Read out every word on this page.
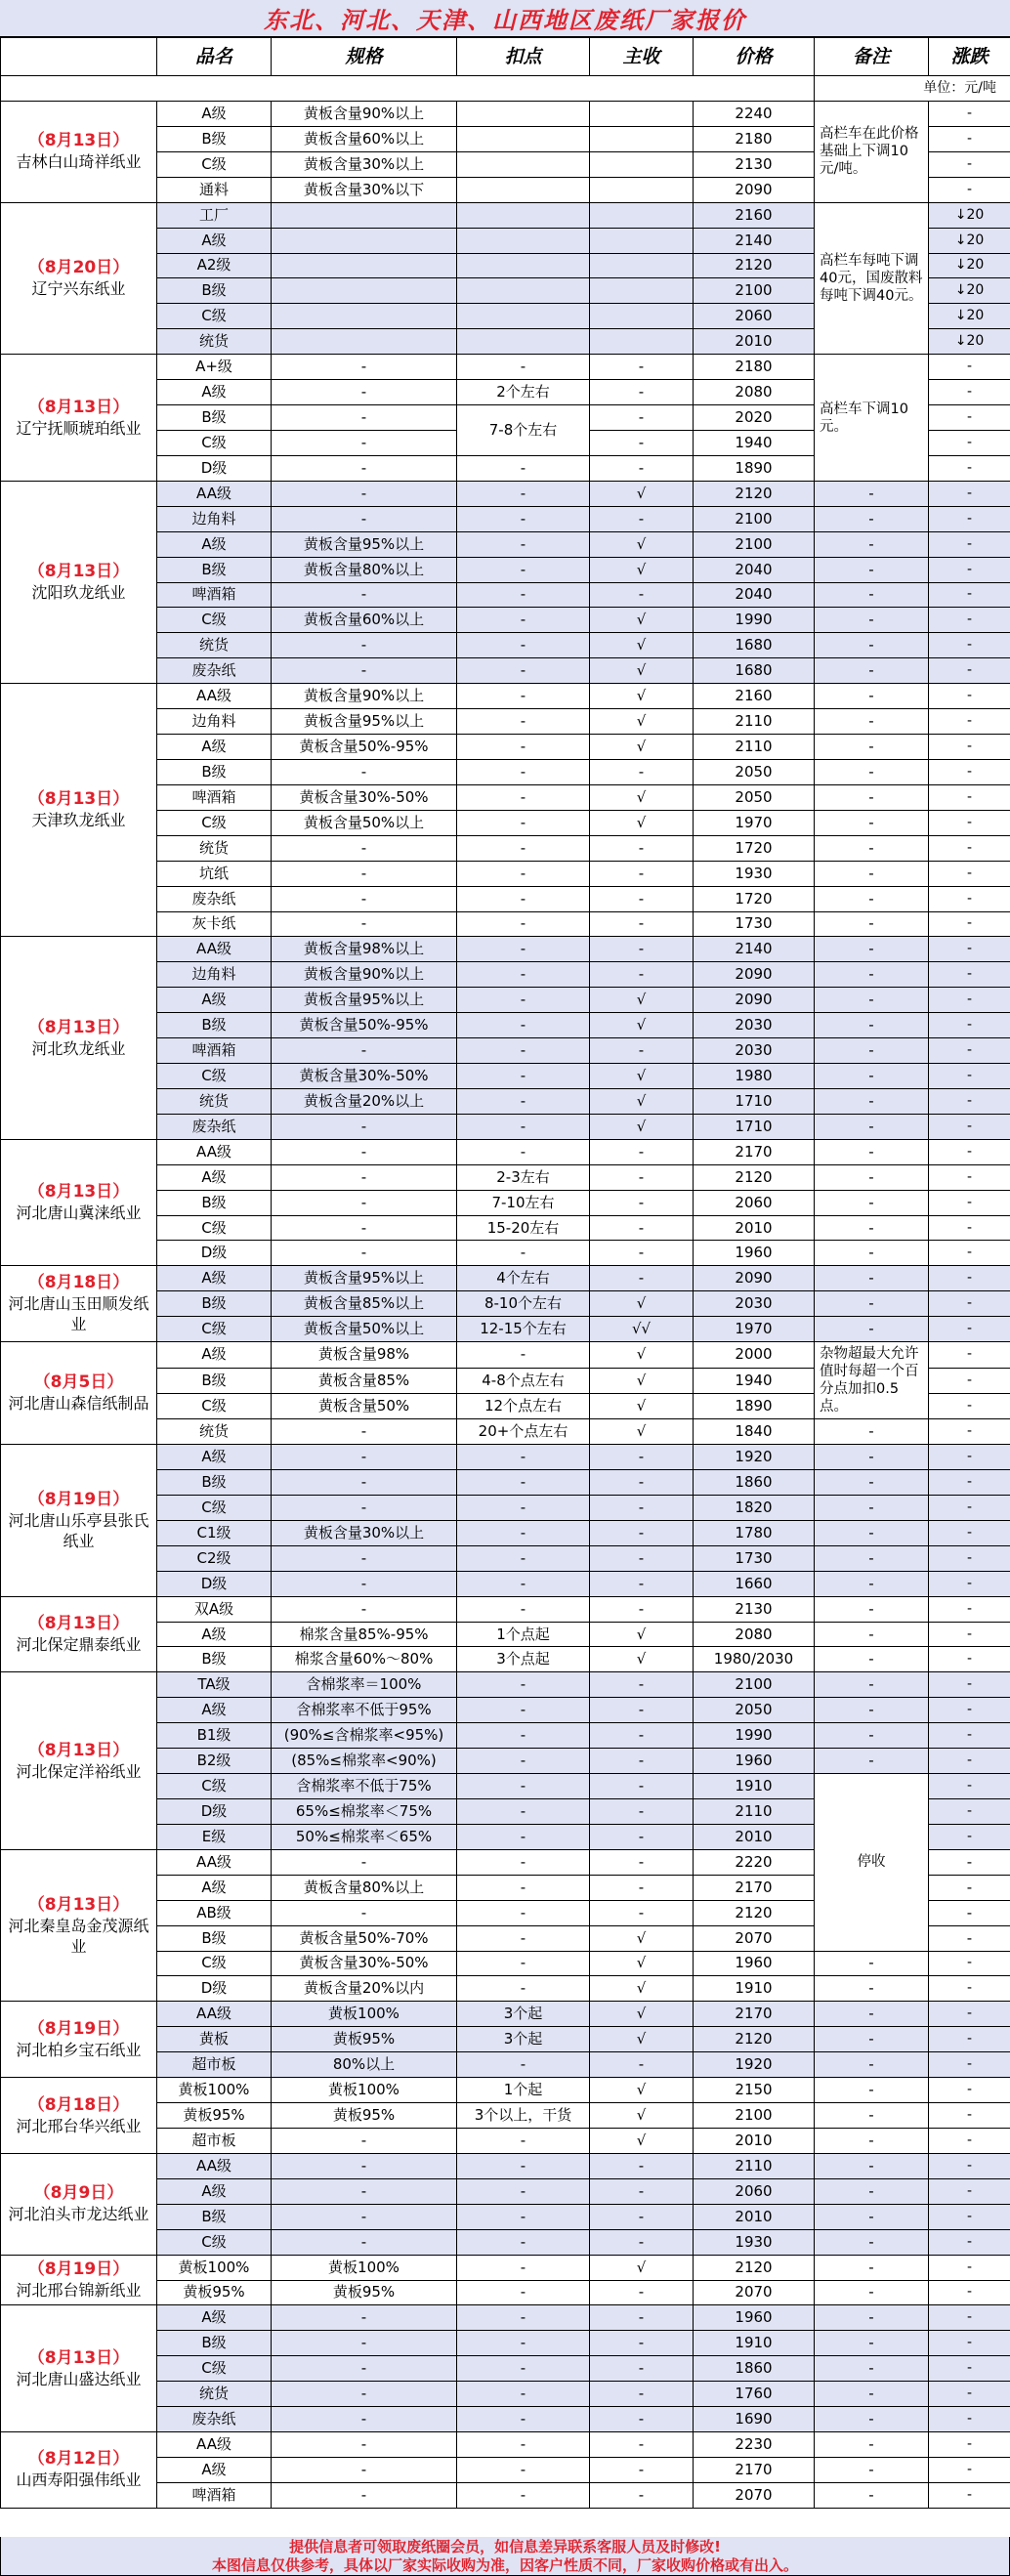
东北、河北、天津、山西地区废纸厂家报价
	品名	规格	扣点	主收	价格	备注	涨跌	
						单位：元/吨		

（8月13日）
吉林白山琦祥纸业	A级	黄板含量90%以上			2240	高栏车在此价格基础上下调10元/吨。	-	
	B级	黄板含量60%以上			2180		-	
	C级	黄板含量30%以上			2130		-	
	通料	黄板含量30%以下			2090		-	

（8月20日）
辽宁兴东纸业	工厂				2160	高栏车每吨下调40元，国废散料每吨下调40元。	↓20	
	A级				2140		↓20	
	A2级				2120		↓20	
	B级				2100		↓20	
	C级				2060		↓20	
	统货				2010		↓20	

（8月13日）
辽宁抚顺琥珀纸业	A+级	-	-	-	2180	高栏车下调10元。	-	
	A级	-	2个左右	-	2080		-	
	B级	-	7-8个左右	-	2020		-	
	C级	-		-	1940		-	
	D级	-	-	-	1890		-	

（8月13日）
沈阳玖龙纸业	AA级	-	-	√	2120	-	-	
	边角料	-	-	-	2100	-	-	
	A级	黄板含量95%以上	-	√	2100	-	-	
	B级	黄板含量80%以上	-	√	2040	-	-	
	啤酒箱	-	-	-	2040	-	-	
	C级	黄板含量60%以上	-	√	1990	-	-	
	统货	-	-	√	1680	-	-	
	废杂纸	-	-	√	1680	-	-	

（8月13日）
天津玖龙纸业	AA级	黄板含量90%以上	-	√	2160	-	-	
	边角料	黄板含量95%以上	-	√	2110	-	-	
	A级	黄板含量50%-95%	-	√	2110	-	-	
	B级	-	-	-	2050	-	-	
	啤酒箱	黄板含量30%-50%	-	√	2050	-	-	
	C级	黄板含量50%以上	-	√	1970	-	-	
	统货	-	-	-	1720	-	-	
	坑纸	-	-	-	1930	-	-	
	废杂纸	-	-	-	1720	-	-	
	灰卡纸	-	-	-	1730	-	-	

（8月13日）
河北玖龙纸业	AA级	黄板含量98%以上	-	-	2140	-	-	
	边角料	黄板含量90%以上	-	-	2090	-	-	
	A级	黄板含量95%以上	-	√	2090	-	-	
	B级	黄板含量50%-95%	-	√	2030	-	-	
	啤酒箱	-	-	-	2030	-	-	
	C级	黄板含量30%-50%	-	√	1980	-	-	
	统货	黄板含量20%以上	-	√	1710	-	-	
	废杂纸	-	-	√	1710	-	-	

（8月13日）
河北唐山冀涞纸业	AA级	-	-	-	2170	-	-	
	A级	-	2-3左右	-	2120	-	-	
	B级	-	7-10左右	-	2060	-	-	
	C级	-	15-20左右	-	2010	-	-	
	D级	-	-	-	1960	-	-	

（8月18日）
河北唐山玉田顺发纸业	A级	黄板含量95%以上	4个左右	-	2090	-	-	
	B级	黄板含量85%以上	8-10个左右	√	2030	-	-	
	C级	黄板含量50%以上	12-15个左右	√√	1970	-	-	

（8月5日）
河北唐山森信纸制品	A级	黄板含量98%	-	√	2000	杂物超最大允许值时每超一个百分点加扣0.5点。	-	
	B级	黄板含量85%	4-8个点左右	√	1940		-	
	C级	黄板含量50%	12个点左右	√	1890		-	
	统货	-	20+个点左右	√	1840	-	-	

（8月19日）
河北唐山乐亭县张氏纸业	A级	-	-	-	1920	-	-	
	B级	-	-	-	1860	-	-	
	C级	-	-	-	1820	-	-	
	C1级	黄板含量30%以上	-	-	1780	-	-	
	C2级	-	-	-	1730	-	-	
	D级	-	-	-	1660	-	-	

（8月13日）
河北保定鼎泰纸业	双A级	-	-	-	2130	-	-	
	A级	棉浆含量85%-95%	1个点起	√	2080	-	-	
	B级	棉浆含量60%～80%	3个点起	√	1980/2030	-	-	

（8月13日）
河北保定洋裕纸业	TA级	含棉浆率＝100%	-	-	2100	-	-	
	A级	含棉浆率不低于95%	-	-	2050	-	-	
	B1级	(90%≤含棉浆率<95%)	-	-	1990	-	-	
	B2级	(85%≤棉浆率<90%)	-	-	1960	-	-	
	C级	含棉浆率不低于75%	-	-	1910	停收	-	
	D级	65%≤棉浆率＜75%	-	-	2110		-	
	E级	50%≤棉浆率＜65%	-	-	2010		-	

（8月13日）
河北秦皇岛金茂源纸业	AA级	-	-	-	2220		-	
	A级	黄板含量80%以上	-	-	2170		-	
	AB级	-	-	-	2120		-	
	B级	黄板含量50%-70%	-	√	2070		-	
	C级	黄板含量30%-50%	-	√	1960	-	-	
	D级	黄板含量20%以内	-	√	1910	-	-	

（8月19日）
河北柏乡宝石纸业	AA级	黄板100%	3个起	√	2170	-	-	
	黄板	黄板95%	3个起	√	2120	-	-	
	超市板	80%以上	-	-	1920	-	-	

（8月18日）
河北邢台华兴纸业	黄板100%	黄板100%	1个起	√	2150	-	-	
	黄板95%	黄板95%	3个以上，干货	√	2100	-	-	
	超市板	-	-	√	2010	-	-	

（8月9日）
河北泊头市龙达纸业	AA级	-	-	-	2110	-	-	
	A级	-	-	-	2060	-	-	
	B级	-	-	-	2010	-	-	
	C级	-	-	-	1930	-	-	

（8月19日）
河北邢台锦新纸业	黄板100%	黄板100%	-	√	2120	-	-	
	黄板95%	黄板95%	-	-	2070	-	-	

（8月13日）
河北唐山盛达纸业	A级	-	-	-	1960	-	-	
	B级	-	-	-	1910	-	-	
	C级	-	-	-	1860	-	-	
	统货	-	-	-	1760	-	-	
	废杂纸	-	-	-	1690	-	-	

（8月12日）
山西寿阳强伟纸业	AA级	-	-	-	2230	-	-	
	A级	-	-	-	2170	-	-	
	啤酒箱	-	-	-	2070	-	-	
提供信息者可领取废纸圈会员，如信息差异联系客服人员及时修改!
本图信息仅供参考，具体以厂家实际收购为准，因客户性质不同，厂家收购价格或有出入。
